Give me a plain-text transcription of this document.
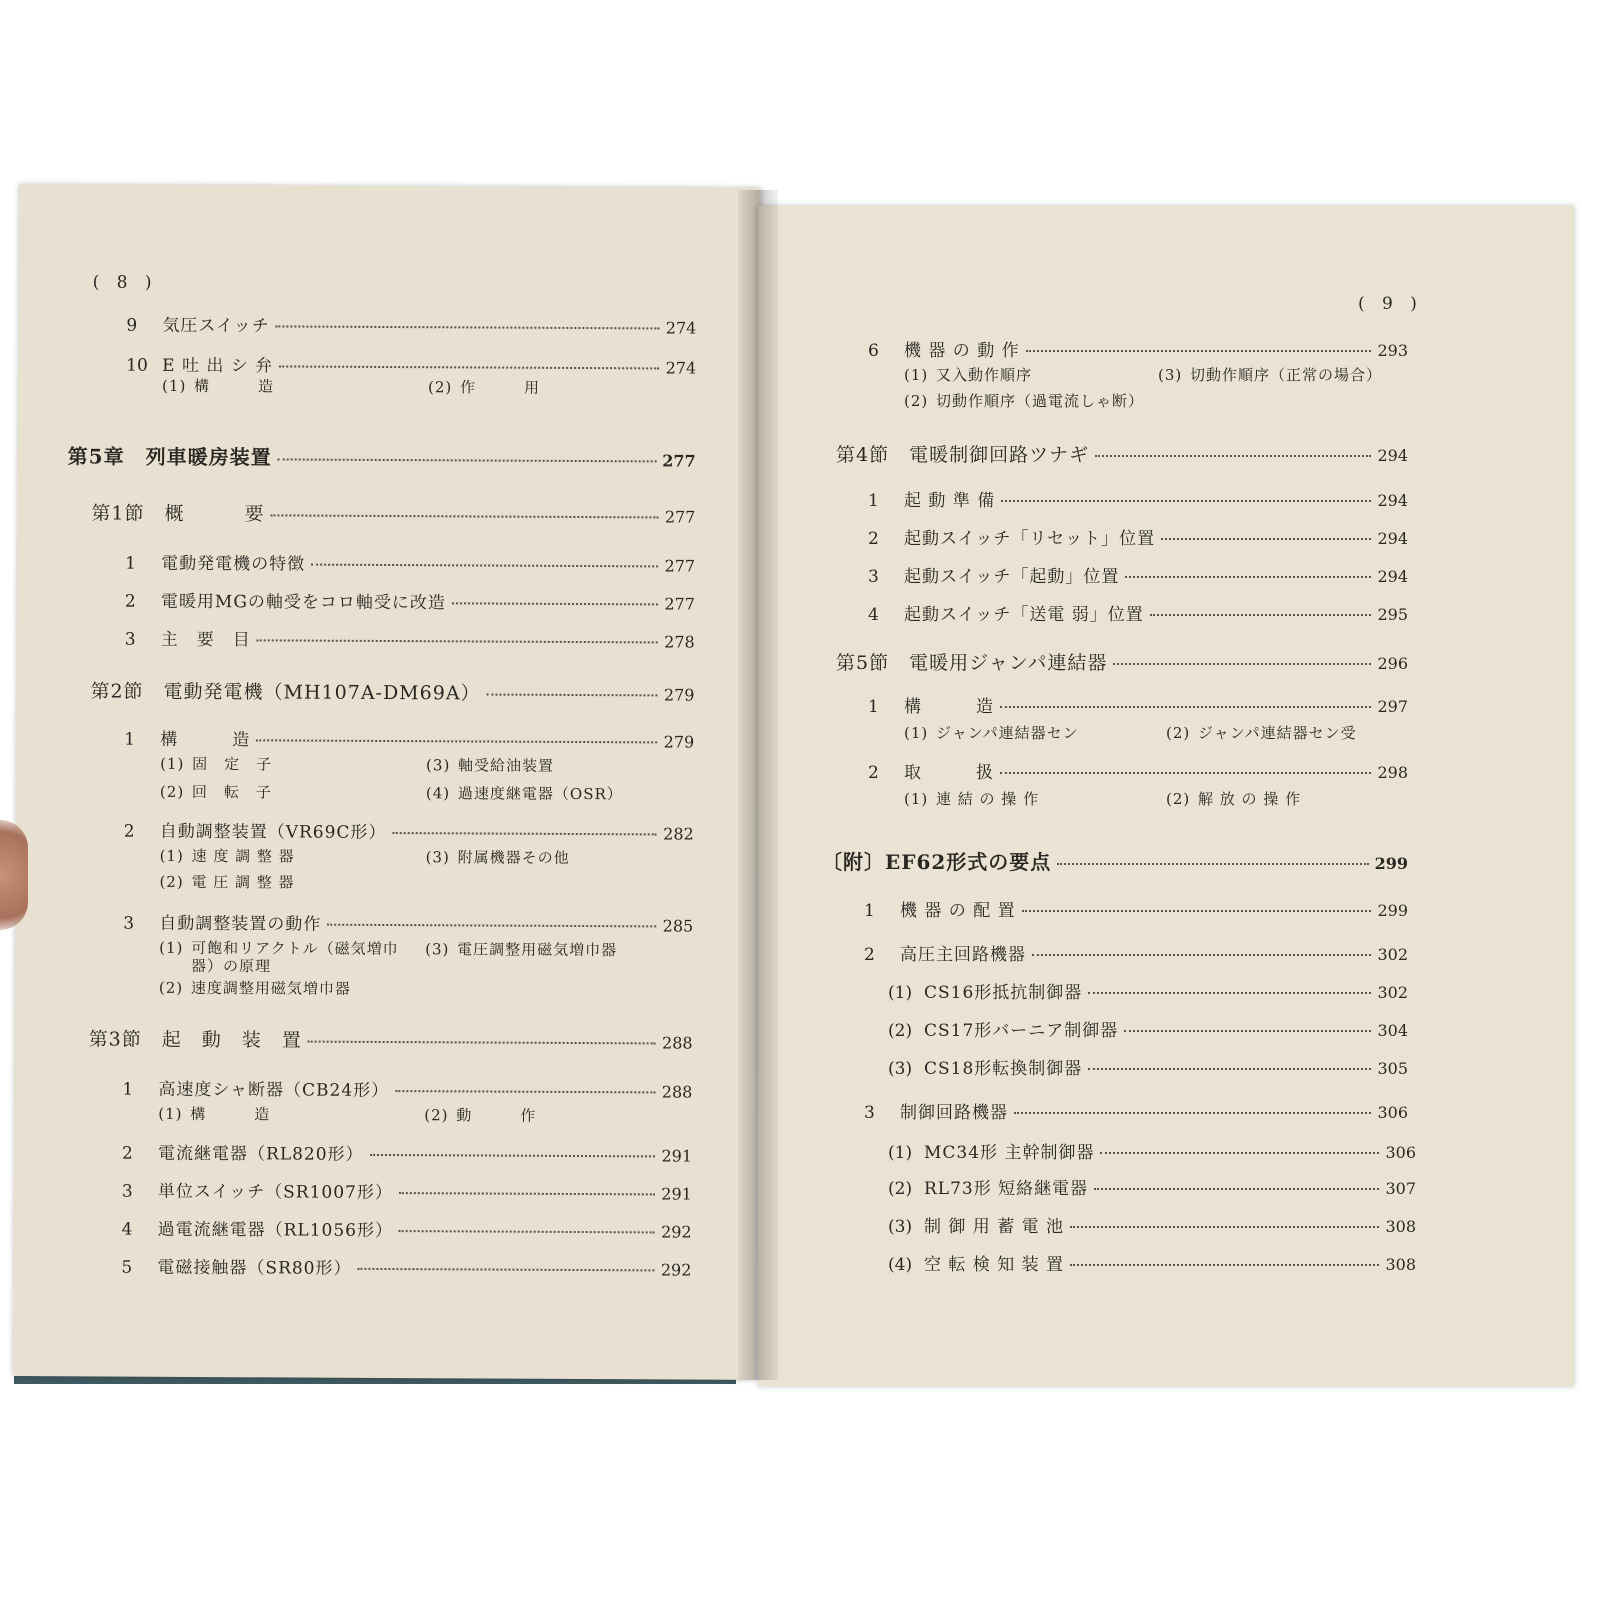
( 8 )
9	気圧スイッチ	274
10 E 吐 出 シ 弁	274
(1) 構　　　造	(2) 作　　　用
第5章　列車暖房装置	277
第1節　概　　　要	277
1	電動発電機の特徴	277
2	電暖用MGの軸受をコロ軸受に改造	277
3	主　要　目	278
第2節　電動発電機（MH107A-DM69A）	279
1	構　　　造	279
(1) 固　定　子	(3) 軸受給油装置
(2) 回　転　子	(4) 過速度継電器（OSR）
2	自動調整装置（VR69C形）	282
(1) 速 度 調 整 器	(3) 附属機器その他
(2) 電 圧 調 整 器
3	自動調整装置の動作	285
(1) 可飽和リアクトル（磁気増巾
器）の原理
(3) 電圧調整用磁気増巾器
(2) 速度調整用磁気増巾器
第3節　起　動　装　置	288
1	高速度シャ断器（CB24形）	288
(1) 構　　　造	(2) 動　　　作
2	電流継電器（RL820形）	291
3	単位スイッチ（SR1007形）	291
4	過電流継電器（RL1056形）	292
5	電磁接触器（SR80形）	292
( 9 )
6	機 器 の 動 作	293
(1) 又入動作順序	(3) 切動作順序（正常の場合）
(2) 切動作順序（過電流しゃ断）
第4節　電暖制御回路ツナギ	294
1	起 動 準 備	294
2	起動スイッチ「リセット」位置	294
3	起動スイッチ「起動」位置	294
4	起動スイッチ「送電 弱」位置	295
第5節　電暖用ジャンパ連結器	296
1	構　　　造	297
(1) ジャンパ連結器セン	(2) ジャンパ連結器セン受
2	取　　　扱	298
(1) 連 結 の 操 作	(2) 解 放 の 操 作
〔附〕EF62形式の要点	299
1	機 器 の 配 置	299
2	高圧主回路機器	302
(1) CS16形抵抗制御器	302
(2) CS17形バーニア制御器	304
(3) CS18形転換制御器	305
3	制御回路機器	306
(1) MC34形 主幹制御器	306
(2) RL73形 短絡継電器	307
(3) 制 御 用 蓄 電 池	308
(4) 空 転 検 知 装 置	308
